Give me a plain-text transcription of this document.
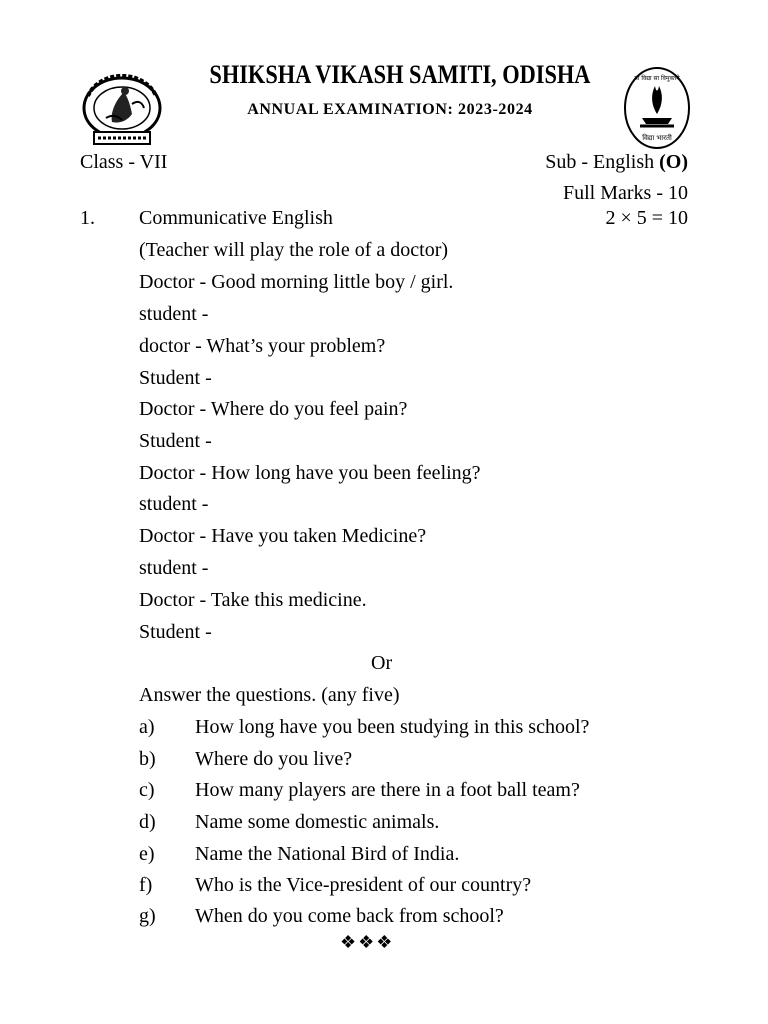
SHIKSHA VIKASH SAMITI, ODISHA
ANNUAL EXAMINATION: 2023-2024
या विद्या सा विमुक्तये
विद्या भारती
Class - VII	Sub - English (O)
Full Marks - 10
1. Communicative English	2 × 5 = 10
(Teacher will play the role of a doctor)
Doctor - Good morning little boy / girl.
student -
doctor - What’s your problem?
Student -
Doctor - Where do you feel pain?
Student -
Doctor - How long have you been feeling?
student -
Doctor - Have you taken Medicine?
student -
Doctor - Take this medicine.
Student -
Or
Answer the questions. (any five)
a) How long have you been studying in this school?
b) Where do you live?
c) How many players are there in a foot ball team?
d) Name some domestic animals.
e) Name the National Bird of India.
f) Who is the Vice-president of our country?
g) When do you come back from school?
❖❖❖
